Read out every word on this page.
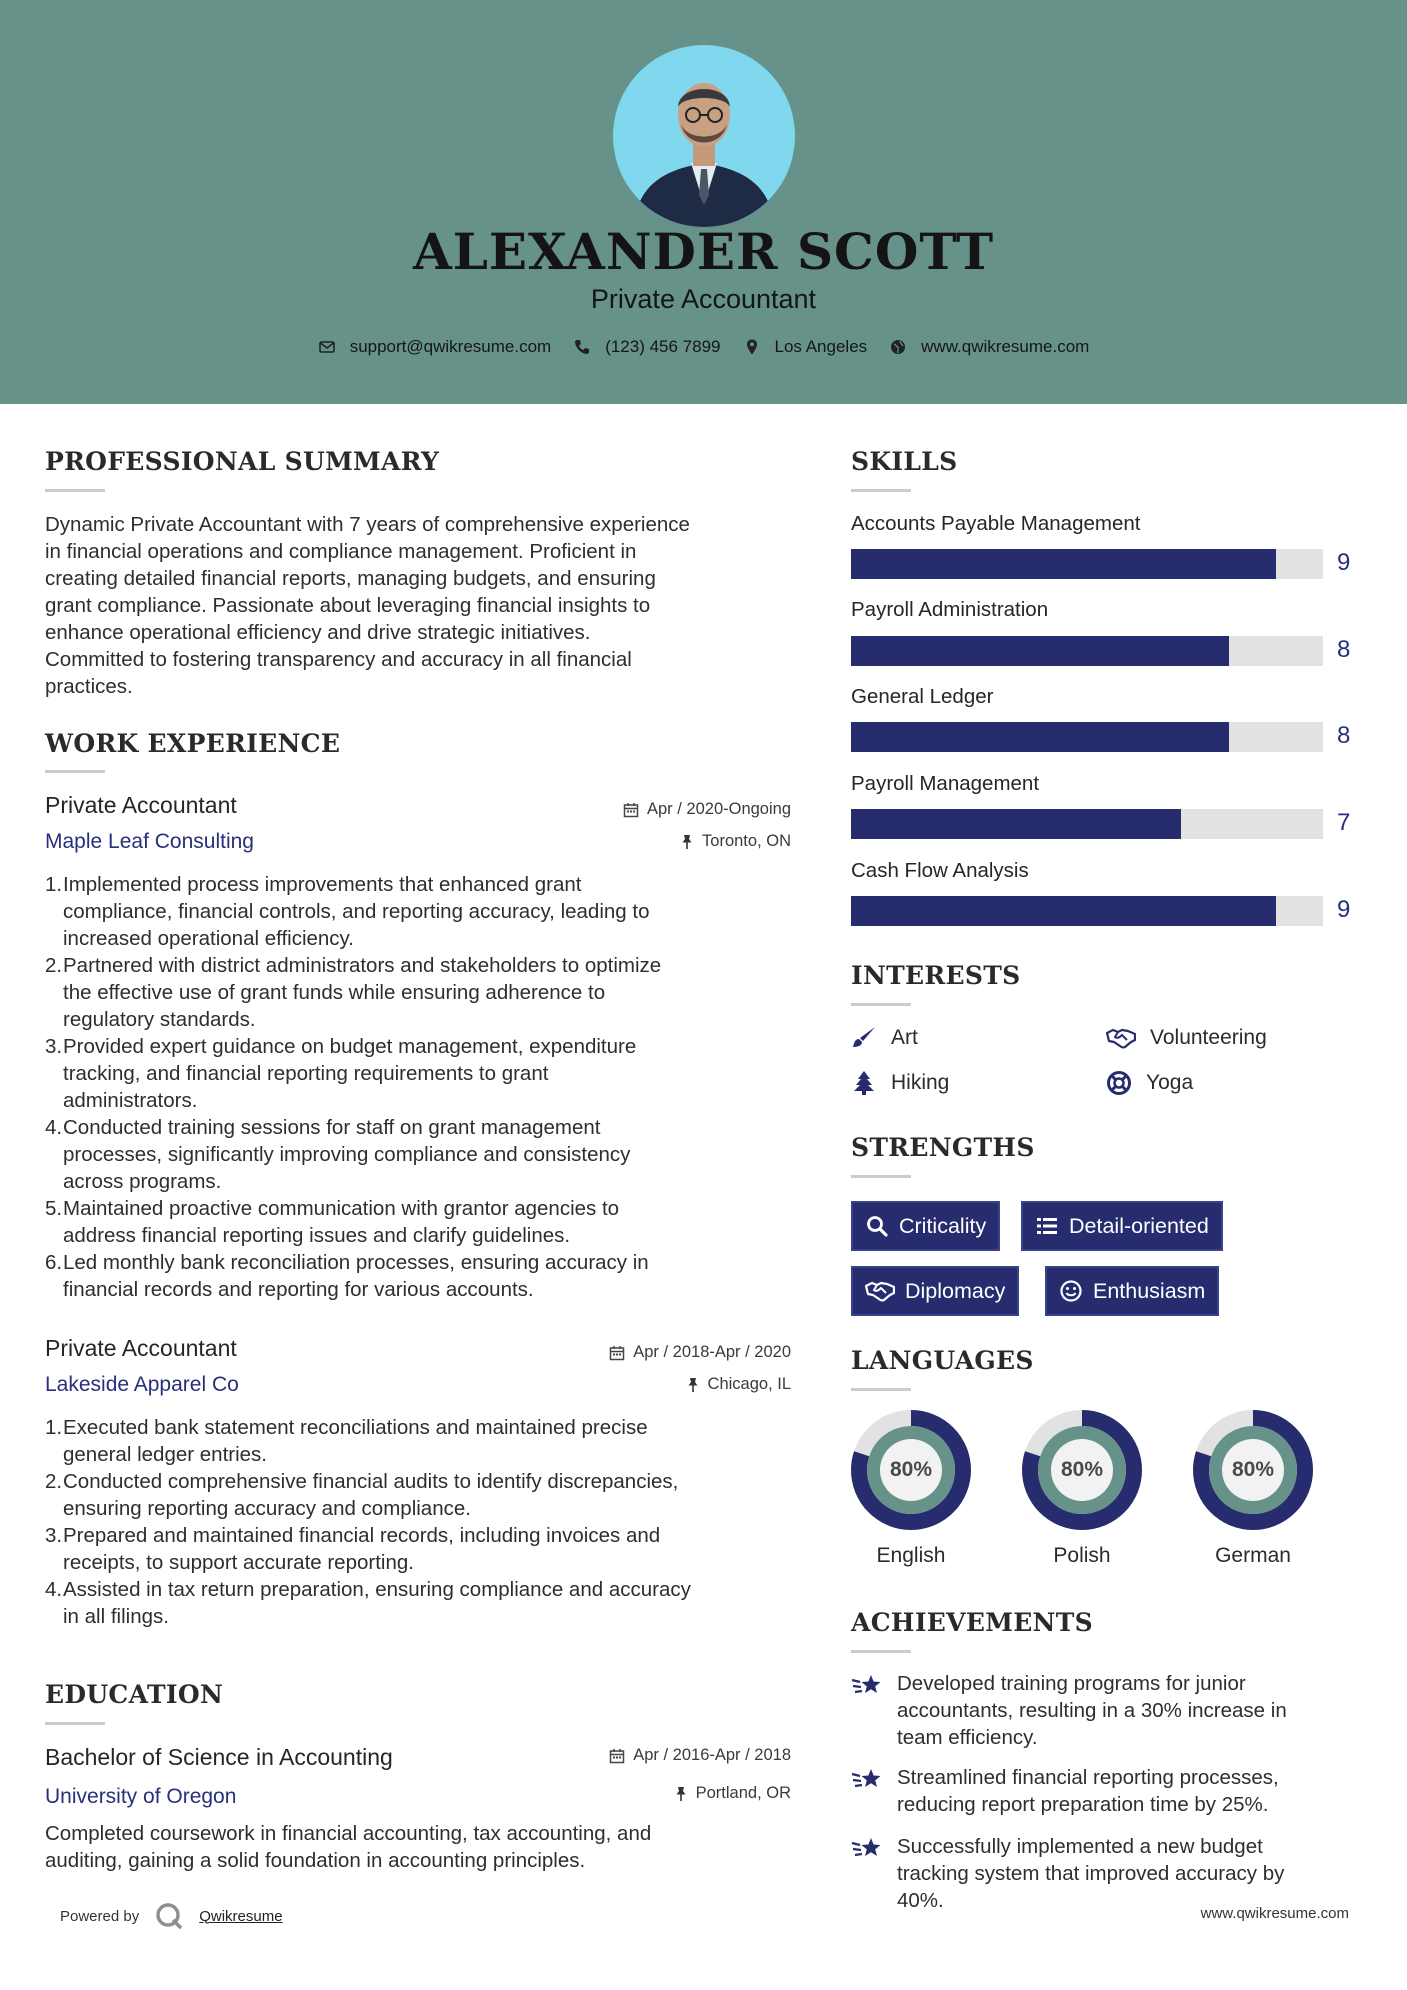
ALEXANDER SCOTT
Private Accountant
support@qwikresume.com	(123) 456 7899	Los Angeles	www.qwikresume.com
PROFESSIONAL SUMMARY
Dynamic Private Accountant with 7 years of comprehensive experience
in financial operations and compliance management. Proficient in
creating detailed financial reports, managing budgets, and ensuring
grant compliance. Passionate about leveraging financial insights to
enhance operational efficiency and drive strategic initiatives.
Committed to fostering transparency and accuracy in all financial
practices.
WORK EXPERIENCE
Private Accountant	Apr / 2020-Ongoing
Maple Leaf Consulting	Toronto, ON
1. Implemented process improvements that enhanced grant
compliance, financial controls, and reporting accuracy, leading to
increased operational efficiency.
2. Partnered with district administrators and stakeholders to optimize
the effective use of grant funds while ensuring adherence to
regulatory standards.
3. Provided expert guidance on budget management, expenditure
tracking, and financial reporting requirements to grant
administrators.
4. Conducted training sessions for staff on grant management
processes, significantly improving compliance and consistency
across programs.
5. Maintained proactive communication with grantor agencies to
address financial reporting issues and clarify guidelines.
6. Led monthly bank reconciliation processes, ensuring accuracy in
financial records and reporting for various accounts.
Private Accountant	Apr / 2018-Apr / 2020
Lakeside Apparel Co	Chicago, IL
1. Executed bank statement reconciliations and maintained precise
general ledger entries.
2. Conducted comprehensive financial audits to identify discrepancies,
ensuring reporting accuracy and compliance.
3. Prepared and maintained financial records, including invoices and
receipts, to support accurate reporting.
4. Assisted in tax return preparation, ensuring compliance and accuracy
in all filings.
EDUCATION
Bachelor of Science in Accounting	Apr / 2016-Apr / 2018
University of Oregon	Portland, OR
Completed coursework in financial accounting, tax accounting, and
auditing, gaining a solid foundation in accounting principles.
SKILLS
Accounts Payable Management
9
Payroll Administration
8
General Ledger
8
Payroll Management
7
Cash Flow Analysis
9
INTERESTS
Art	Volunteering
Hiking	Yoga
STRENGTHS
Criticality	Detail-oriented
Diplomacy	Enthusiasm
LANGUAGES
80%
English
80%
Polish
80%
German
ACHIEVEMENTS
Developed training programs for junior
accountants, resulting in a 30% increase in
team efficiency.
Streamlined financial reporting processes,
reducing report preparation time by 25%.
Successfully implemented a new budget
tracking system that improved accuracy by
40%.
Powered by	Qwikresume	www.qwikresume.com
